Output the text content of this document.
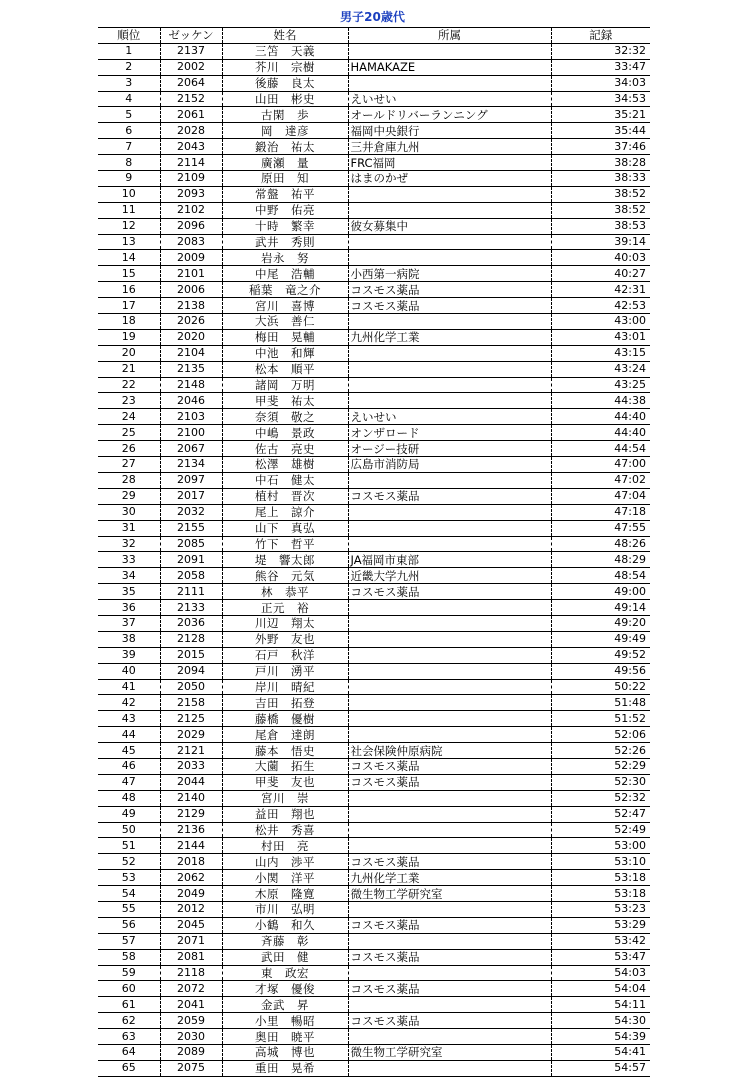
男子20歳代
順位	ゼッケン	姓名	所属	記録
1	2137	三笘　天義		32:32
2	2002	芥川　宗樹	HAMAKAZE	33:47
3	2064	後藤　良太		34:03
4	2152	山田　彬史	えいせい	34:53
5	2061	古閑　歩	オールドリバーランニング	35:21
6	2028	岡　達彦	福岡中央銀行	35:44
7	2043	鍛治　祐太	三井倉庫九州	37:46
8	2114	廣瀬　量	FRC福岡	38:28
9	2109	原田　知	はまのかぜ	38:33
10	2093	常盤　祐平		38:52
11	2102	中野　佑亮		38:52
12	2096	十時　繁幸	彼女募集中	38:53
13	2083	武井　秀則		39:14
14	2009	岩永　努		40:03
15	2101	中尾　浩輔	小西第一病院	40:27
16	2006	稲葉　竜之介	コスモス薬品	42:31
17	2138	宮川　喜博	コスモス薬品	42:53
18	2026	大浜　善仁		43:00
19	2020	梅田　晃輔	九州化学工業	43:01
20	2104	中池　和輝		43:15
21	2135	松本　順平		43:24
22	2148	諸岡　万明		43:25
23	2046	甲斐　祐太		44:38
24	2103	奈須　敬之	えいせい	44:40
25	2100	中嶋　景政	オンザロード	44:40
26	2067	佐古　亮史	オージー技研	44:54
27	2134	松澤　雄樹	広島市消防局	47:00
28	2097	中石　健太		47:02
29	2017	植村　晋次	コスモス薬品	47:04
30	2032	尾上　諒介		47:18
31	2155	山下　真弘		47:55
32	2085	竹下　哲平		48:26
33	2091	堤　響太郎	JA福岡市東部	48:29
34	2058	熊谷　元気	近畿大学九州	48:54
35	2111	林　恭平	コスモス薬品	49:00
36	2133	正元　裕		49:14
37	2036	川辺　翔太		49:20
38	2128	外野　友也		49:49
39	2015	石戸　秋洋		49:52
40	2094	戸川　湧平		49:56
41	2050	岸川　晴紀		50:22
42	2158	吉田　拓登		51:48
43	2125	藤橋　優樹		51:52
44	2029	尾倉　達朗		52:06
45	2121	藤本　悟史	社会保険仲原病院	52:26
46	2033	大薗　拓生	コスモス薬品	52:29
47	2044	甲斐　友也	コスモス薬品	52:30
48	2140	宮川　崇		52:32
49	2129	益田　翔也		52:47
50	2136	松井　秀喜		52:49
51	2144	村田　亮		53:00
52	2018	山内　渉平	コスモス薬品	53:10
53	2062	小関　洋平	九州化学工業	53:18
54	2049	木原　隆寛	微生物工学研究室	53:18
55	2012	市川　弘明		53:23
56	2045	小鶴　和久	コスモス薬品	53:29
57	2071	斉藤　彰		53:42
58	2081	武田　健	コスモス薬品	53:47
59	2118	東　政宏		54:03
60	2072	才塚　優俊	コスモス薬品	54:04
61	2041	金武　昇		54:11
62	2059	小里　暢昭	コスモス薬品	54:30
63	2030	奥田　暁平		54:39
64	2089	高城　博也	微生物工学研究室	54:41
65	2075	重田　晃希		54:57
